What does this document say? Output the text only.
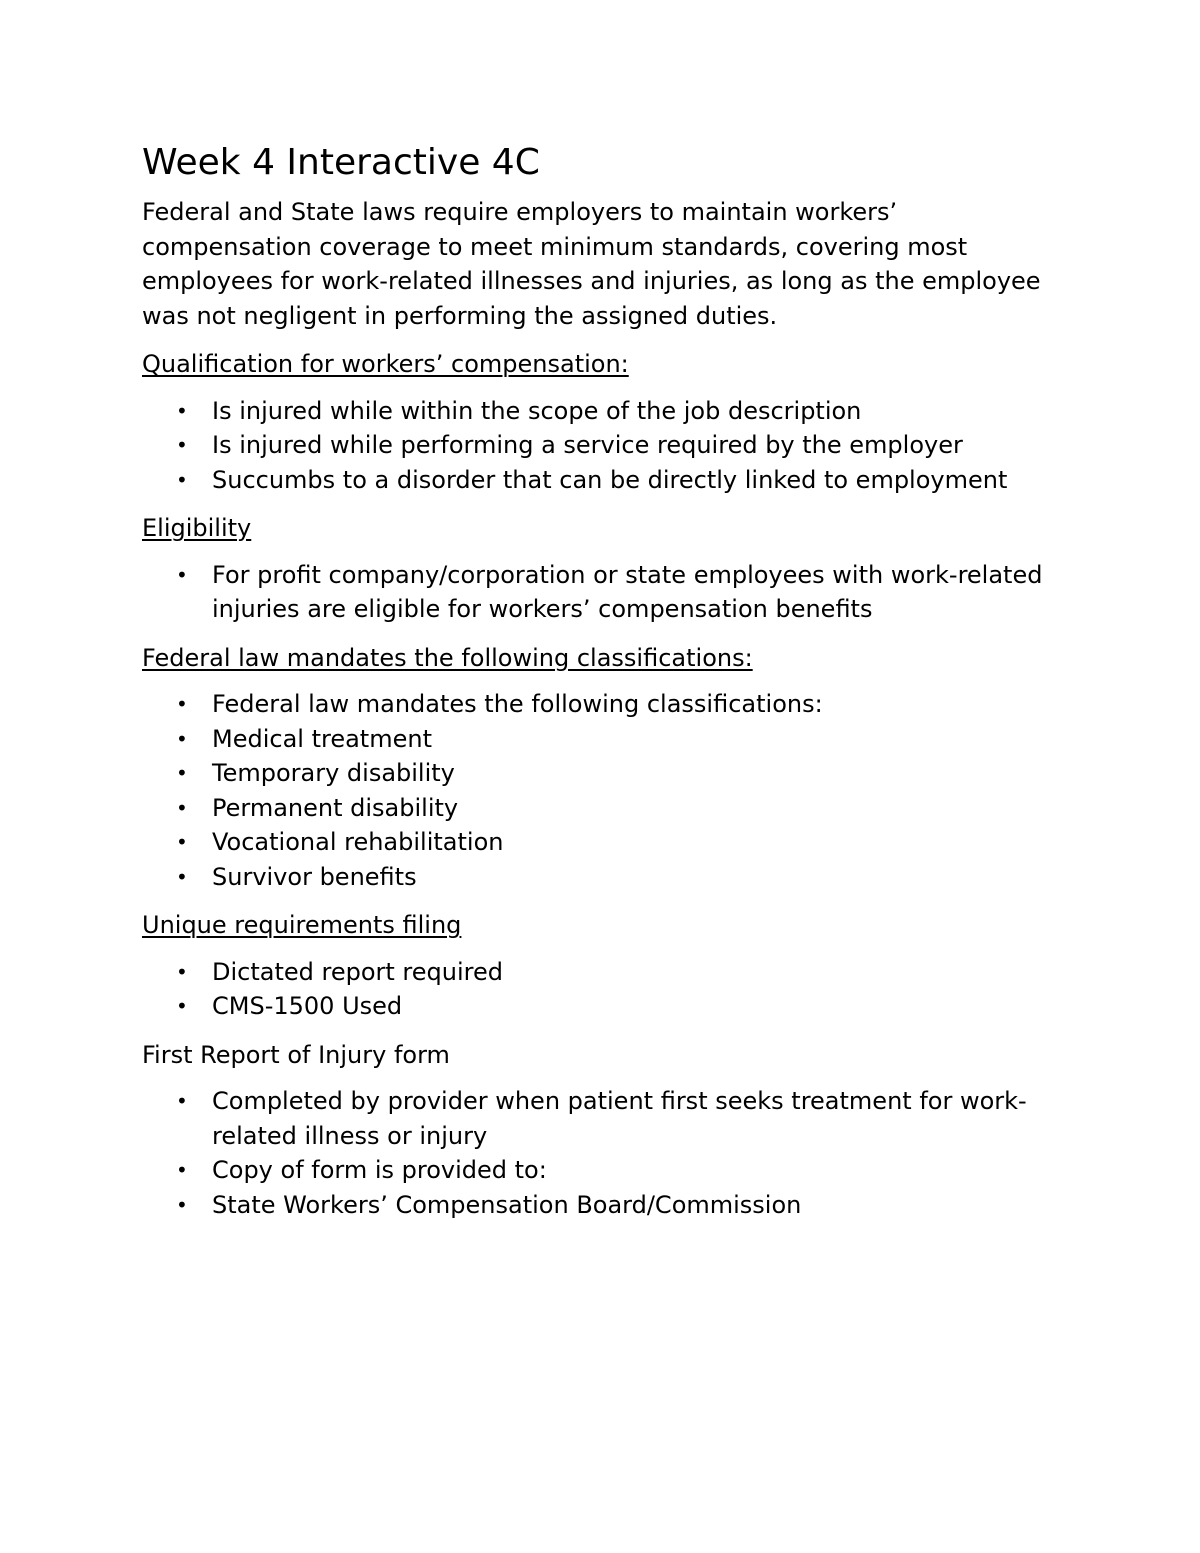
Week 4 Interactive 4C

Federal and State laws require employers to maintain workers’ compensation coverage to meet minimum standards, covering most employees for work-related illnesses and injuries, as long as the employee was not negligent in performing the assigned duties.

Qualification for workers’ compensation:
• Is injured while within the scope of the job description
• Is injured while performing a service required by the employer
• Succumbs to a disorder that can be directly linked to employment
Eligibility
• For profit company/corporation or state employees with work-related injuries are eligible for workers’ compensation benefits
Federal law mandates the following classifications:
• Federal law mandates the following classifications:
• Medical treatment
• Temporary disability
• Permanent disability
• Vocational rehabilitation
• Survivor benefits
Unique requirements filing
• Dictated report required
• CMS-1500 Used
First Report of Injury form
• Completed by provider when patient first seeks treatment for work-related illness or injury
• Copy of form is provided to:
• State Workers’ Compensation Board/Commission
